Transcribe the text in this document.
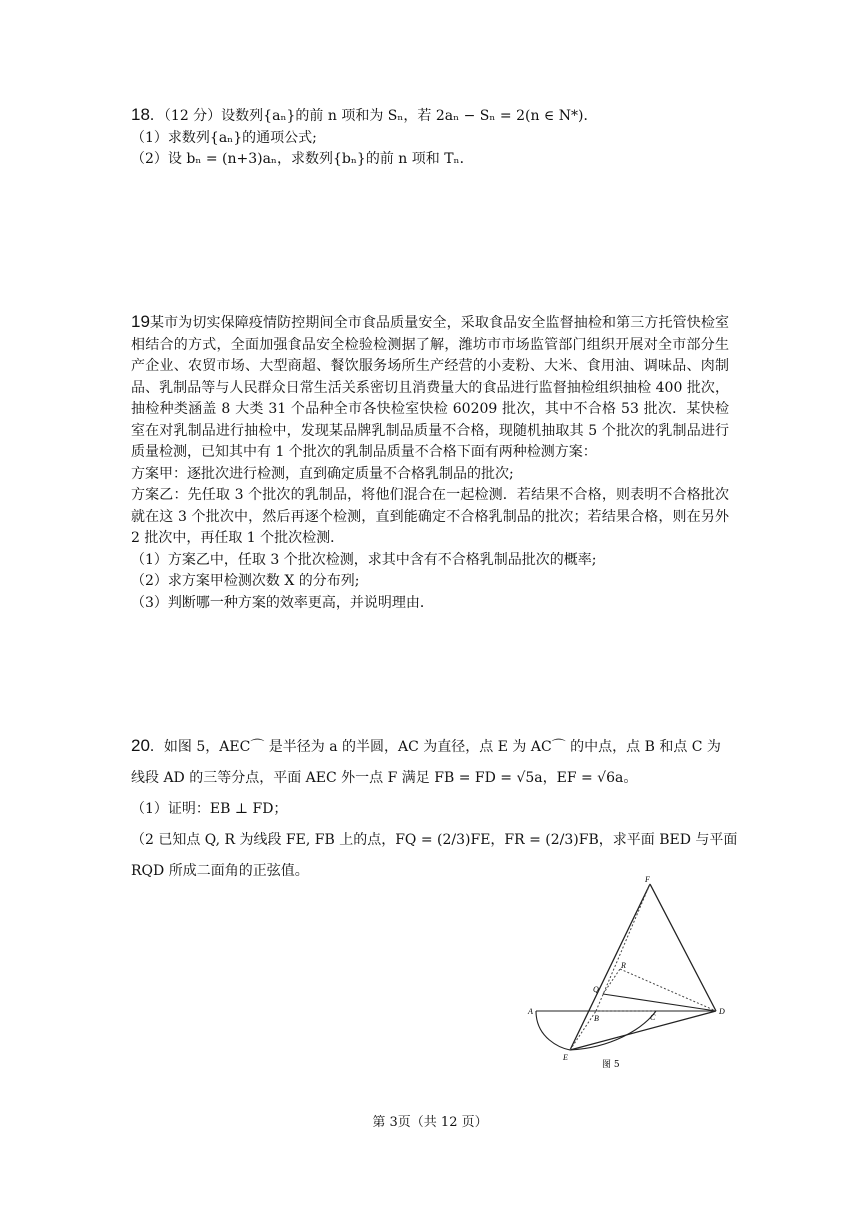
18．（12 分）设数列{aₙ}的前 n 项和为 Sₙ，若 2aₙ − Sₙ = 2(n ∈ N*)．
（1）求数列{aₙ}的通项公式;
（2）设 bₙ = (n+3)aₙ，求数列{bₙ}的前 n 项和 Tₙ．
19某市为切实保障疫情防控期间全市食品质量安全，采取食品安全监督抽检和第三方托管快检室相结合的方式，全面加强食品安全检验检测据了解，潍坊市市场监管部门组织开展对全市部分生产企业、农贸市场、大型商超、餐饮服务场所生产经营的小麦粉、大米、食用油、调味品、肉制品、乳制品等与人民群众日常生活关系密切且消费量大的食品进行监督抽检组织抽检 400 批次，抽检种类涵盖 8 大类 31 个品种全市各快检室快检 60209 批次，其中不合格 53 批次．某快检室在对乳制品进行抽检中，发现某品牌乳制品质量不合格，现随机抽取其 5 个批次的乳制品进行质量检测，已知其中有 1 个批次的乳制品质量不合格下面有两种检测方案：
方案甲：逐批次进行检测，直到确定质量不合格乳制品的批次;
方案乙：先任取 3 个批次的乳制品，将他们混合在一起检测．若结果不合格，则表明不合格批次就在这 3 个批次中，然后再逐个检测，直到能确定不合格乳制品的批次；若结果合格，则在另外 2 批次中，再任取 1 个批次检测．
（1）方案乙中，任取 3 个批次检测，求其中含有不合格乳制品批次的概率;
（2）求方案甲检测次数 X 的分布列;
（3）判断哪一种方案的效率更高，并说明理由．
20．如图 5，AEC⌒ 是半径为 a 的半圆，AC 为直径，点 E 为 AC⌒ 的中点，点 B 和点 C 为
线段 AD 的三等分点，平面 AEC 外一点 F 满足 FB = FD = √5a，EF = √6a。
（1）证明：EB ⊥ FD；
（2 已知点 Q, R 为线段 FE, FB 上的点，FQ = (2/3)FE，FR = (2/3)FB，求平面 BED 与平面
RQD 所成二面角的正弦值。
F
R
Q
A
B	C
D
E
图 5
第 3页（共 12 页）
